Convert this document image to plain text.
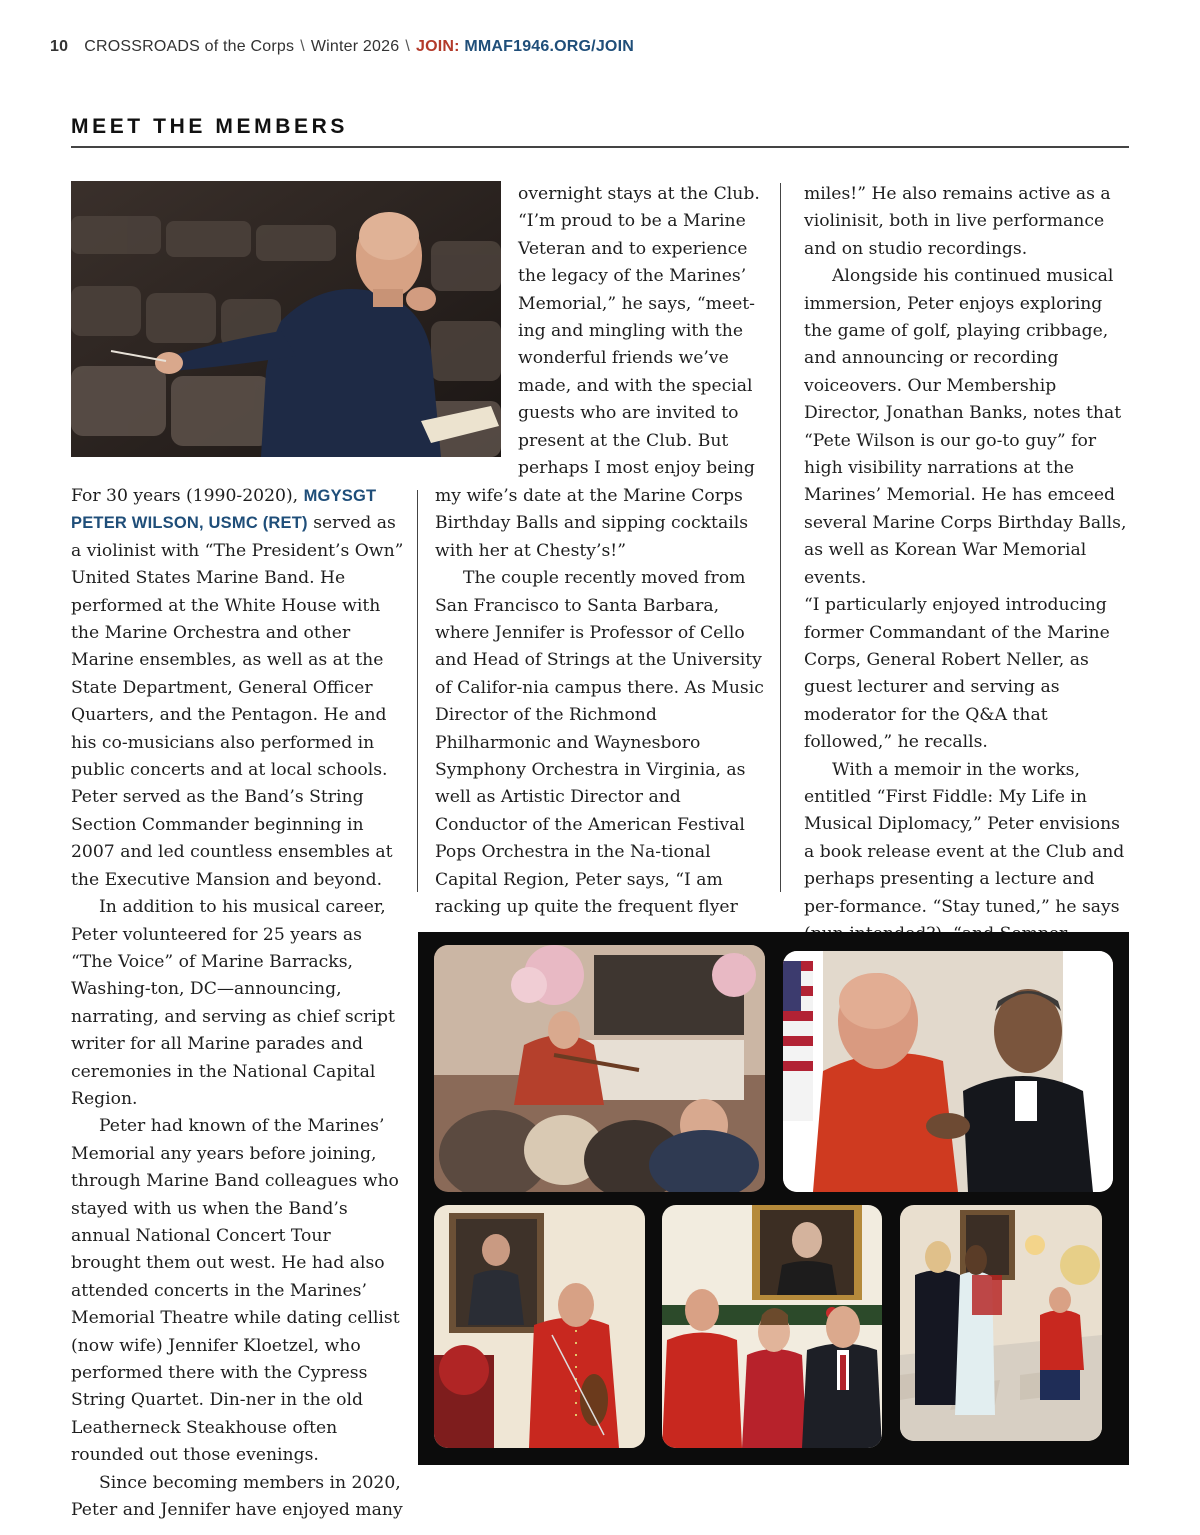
10 CROSSROADS of the Corps \ Winter 2026 \ JOIN: MMAF1946.ORG/JOIN
MEET THE MEMBERS

For 30 years (1990-2020), MGYSGT PETER WILSON, USMC (RET) served as a violinist with “The President’s Own” United States Marine Band. He performed at the White House with the Marine Orchestra and other Marine ensembles, as well as at the State Department, General Officer Quarters, and the Pentagon. He and his co-musicians also performed in public concerts and at local schools. Peter served as the Band’s String Section Commander beginning in 2007 and led countless ensembles at the Executive Mansion and beyond.

In addition to his musical career, Peter volunteered for 25 years as “The Voice” of Marine Barracks, Washing-ton, DC—announcing, narrating, and serving as chief script writer for all Marine parades and ceremonies in the National Capital Region.

Peter had known of the Marines’ Memorial any years before joining, through Marine Band colleagues who stayed with us when the Band’s annual National Concert Tour brought them out west. He had also attended concerts in the Marines’ Memorial Theatre while dating cellist (now wife) Jennifer Kloetzel, who performed there with the Cypress String Quartet. Din-ner in the old Leatherneck Steakhouse often rounded out those evenings.

Since becoming members in 2020, Peter and Jennifer have enjoyed many

overnight stays at the Club.
“I’m proud to be a Marine
Veteran and to experience
the legacy of the Marines’
Memorial,” he says, “meet-
ing and mingling with the
wonderful friends we’ve
made, and with the special
guests who are invited to
present at the Club. But
perhaps I most enjoy being

my wife’s date at the Marine Corps Birthday Balls and sipping cocktails with her at Chesty’s!”

The couple recently moved from San Francisco to Santa Barbara, where Jennifer is Professor of Cello and Head of Strings at the University of Califor-nia campus there. As Music Director of the Richmond Philharmonic and Waynesboro Symphony Orchestra in Virginia, as well as Artistic Director and Conductor of the American Festival Pops Orchestra in the Na-tional Capital Region, Peter says, “I am racking up quite the frequent flyer

miles!” He also remains active as a violinisit, both in live performance and on studio recordings.

Alongside his continued musical immersion, Peter enjoys exploring the game of golf, playing cribbage, and announcing or recording voiceovers. Our Membership Director, Jonathan Banks, notes that “Pete Wilson is our go-to guy” for high visibility narrations at the Marines’ Memorial. He has emceed several Marine Corps Birthday Balls, as well as Korean War Memorial events.

“I particularly enjoyed introducing former Commandant of the Marine Corps, General Robert Neller, as guest lecturer and serving as moderator for the Q&A that followed,” he recalls.

With a memoir in the works, entitled “First Fiddle: My Life in Musical Diplomacy,” Peter envisions a book release event at the Club and perhaps presenting a lecture and per-formance. “Stay tuned,” he says
